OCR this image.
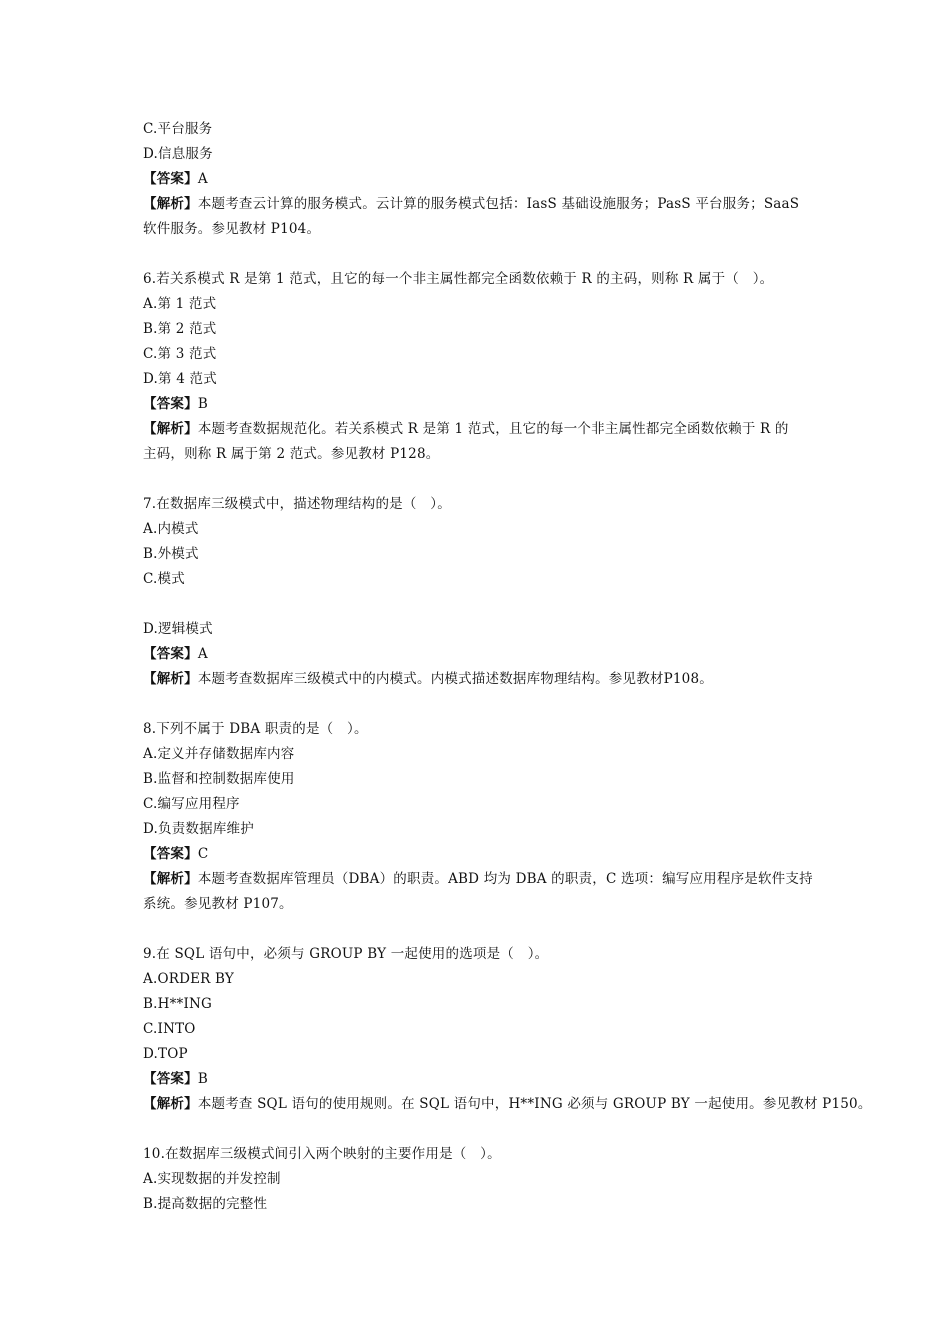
C.平台服务
D.信息服务
【答案】A
【解析】本题考查云计算的服务模式。云计算的服务模式包括：IasS 基础设施服务；PasS 平台服务；SaaS
软件服务。参见教材 P104。
6.若关系模式 R 是第 1 范式，且它的每一个非主属性都完全函数依赖于 R 的主码，则称 R 属于（　）。
A.第 1 范式
B.第 2 范式
C.第 3 范式
D.第 4 范式
【答案】B
【解析】本题考查数据规范化。若关系模式 R 是第 1 范式，且它的每一个非主属性都完全函数依赖于 R 的
主码，则称 R 属于第 2 范式。参见教材 P128。
7.在数据库三级模式中，描述物理结构的是（　）。
A.内模式
B.外模式
C.模式
D.逻辑模式
【答案】A
【解析】本题考查数据库三级模式中的内模式。内模式描述数据库物理结构。参见教材P108。
8.下列不属于 DBA 职责的是（　）。
A.定义并存储数据库内容
B.监督和控制数据库使用
C.编写应用程序
D.负责数据库维护
【答案】C
【解析】本题考查数据库管理员（DBA）的职责。ABD 均为 DBA 的职责，C 选项：编写应用程序是软件支持
系统。参见教材 P107。
9.在 SQL 语句中，必须与 GROUP BY 一起使用的选项是（　）。
A.ORDER BY
B.H**ING
C.INTO
D.TOP
【答案】B
【解析】本题考查 SQL 语句的使用规则。在 SQL 语句中，H**ING 必须与 GROUP BY 一起使用。参见教材 P150。
10.在数据库三级模式间引入两个映射的主要作用是（　）。
A.实现数据的并发控制
B.提高数据的完整性
